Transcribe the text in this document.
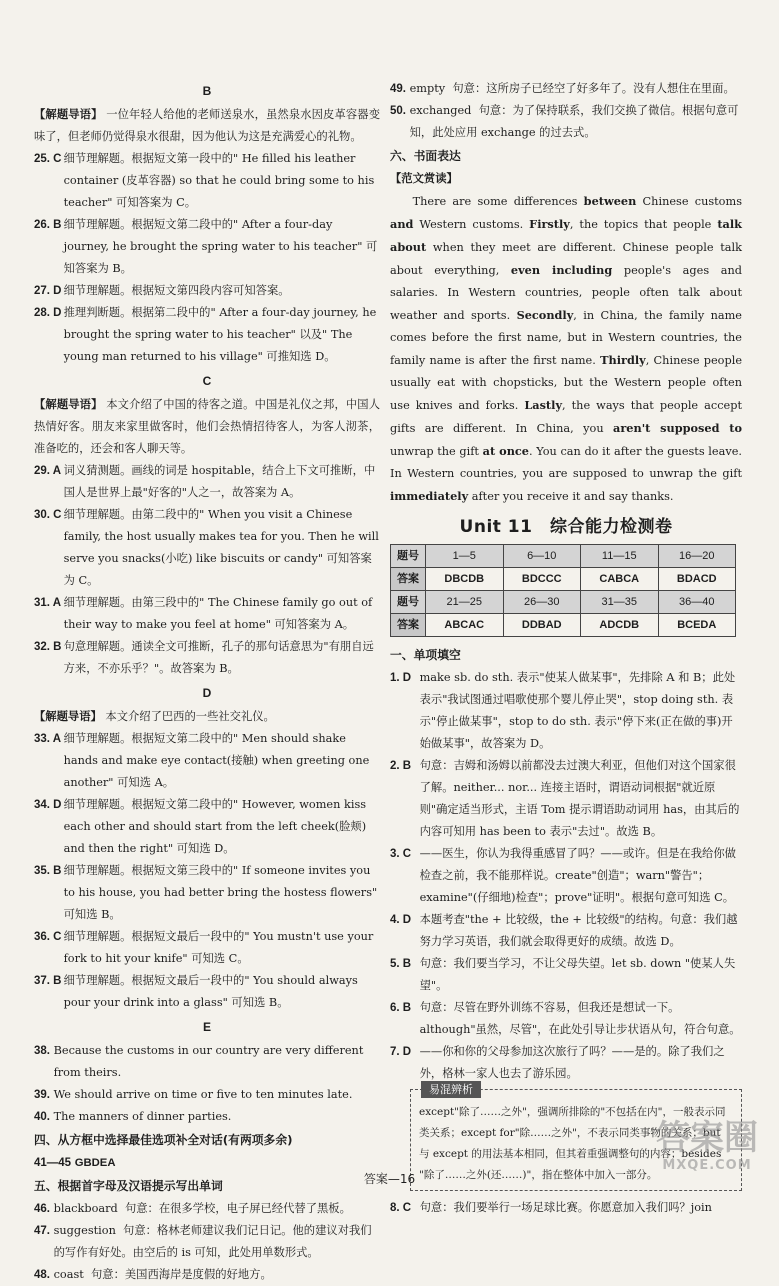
B

【解题导语】 一位年轻人给他的老师送泉水，虽然泉水因皮革容器变味了，但老师仍觉得泉水很甜，因为他认为这是充满爱心的礼物。

25. C
细节理解题。根据短文第一段中的" He filled his leather container (皮革容器) so that he could bring some to his teacher" 可知答案为 C。
26. B
细节理解题。根据短文第二段中的" After a four-day journey, he brought the spring water to his teacher" 可知答案为 B。
27. D
细节理解题。根据短文第四段内容可知答案。
28. D
推理判断题。根据第二段中的" After a four-day journey, he brought the spring water to his teacher" 以及" The young man returned to his village" 可推知选 D。
C

【解题导语】 本文介绍了中国的待客之道。中国是礼仪之邦，中国人热情好客。朋友来家里做客时，他们会热情招待客人，为客人沏茶，准备吃的，还会和客人聊天等。

29. A
词义猜测题。画线的词是 hospitable，结合上下文可推断，中国人是世界上最"好客的"人之一，故答案为 A。
30. C
细节理解题。由第二段中的" When you visit a Chinese family, the host usually makes tea for you. Then he will serve you snacks(小吃) like biscuits or candy" 可知答案为 C。
31. A
细节理解题。由第三段中的" The Chinese family go out of their way to make you feel at home" 可知答案为 A。
32. B
句意理解题。通读全文可推断，孔子的那句话意思为"有朋自远方来，不亦乐乎？"。故答案为 B。
D

【解题导语】 本文介绍了巴西的一些社交礼仪。

33. A
细节理解题。根据短文第二段中的" Men should shake hands and make eye contact(接触) when greeting one another" 可知选 A。
34. D
细节理解题。根据短文第二段中的" However, women kiss each other and should start from the left cheek(脸颊) and then the right" 可知选 D。
35. B
细节理解题。根据短文第三段中的" If someone invites you to his house, you had better bring the hostess flowers" 可知选 B。
36. C
细节理解题。根据短文最后一段中的" You mustn't use your fork to hit your knife" 可知选 C。
37. B
细节理解题。根据短文最后一段中的" You should always pour your drink into a glass" 可知选 B。
E
38.
Because the customs in our country are very different from theirs.
39.
We should arrive on time or five to ten minutes late.
40.
The manners of dinner parties.
四、从方框中选择最佳选项补全对话(有两项多余)
41—45
GBDEA
五、根据首字母及汉语提示写出单词
46.
blackboard 句意：在很多学校，电子屏已经代替了黑板。
47.
suggestion 句意：格林老师建议我们记日记。他的建议对我们的写作有好处。由空后的 is 可知，此处用单数形式。
48.
coast 句意：美国西海岸是度假的好地方。
49.
empty 句意：这所房子已经空了好多年了。没有人想住在里面。
50.
exchanged 句意：为了保持联系，我们交换了微信。根据句意可知，此处应用 exchange 的过去式。
六、书面表达
【范文赏读】

There are some differences between Chinese customs and Western customs. Firstly, the topics that people talk about when they meet are different. Chinese people talk about everything, even including people's ages and salaries. In Western countries, people often talk about weather and sports. Secondly, in China, the family name comes before the first name, but in Western countries, the family name is after the first name. Thirdly, Chinese people usually eat with chopsticks, but the Western people often use knives and forks. Lastly, the ways that people accept gifts are different. In China, you aren't supposed to unwrap the gift at once. You can do it after the guests leave. In Western countries, you are supposed to unwrap the gift immediately after you receive it and say thanks.

Unit 11　综合能力检测卷
题号	1—5	6—10	11—15	16—20
答案	DBCDB	BDCCC	CABCA	BDACD
题号	21—25	26—30	31—35	36—40
答案	ABCAC	DDBAD	ADCDB	BCEDA
一、单项填空
1. D
make sb. do sth. 表示"使某人做某事"，先排除 A 和 B；此处表示"我试图通过唱歌使那个婴儿停止哭"，stop doing sth. 表示"停止做某事"，stop to do sth. 表示"停下来(正在做的事)开始做某事"，故答案为 D。
2. B
句意：吉姆和汤姆以前都没去过澳大利亚，但他们对这个国家很了解。neither... nor... 连接主语时，谓语动词根据"就近原则"确定适当形式，主语 Tom 提示谓语助动词用 has，由其后的内容可知用 has been to 表示"去过"。故选 B。
3. C
——医生，你认为我得重感冒了吗？——或许。但是在我给你做检查之前，我不能那样说。create"创造"；warn"警告"；examine"(仔细地)检查"；prove"证明"。根据句意可知选 C。
4. D
本题考查"the + 比较级，the + 比较级"的结构。句意：我们越努力学习英语，我们就会取得更好的成绩。故选 D。
5. B
句意：我们要当学习，不让父母失望。let sb. down "使某人失望"。
6. B
句意：尽管在野外训练不容易，但我还是想试一下。although"虽然，尽管"，在此处引导让步状语从句，符合句意。
7. D
——你和你的父母参加这次旅行了吗？——是的。除了我们之外，格林一家人也去了游乐园。
易混辨析
except"除了……之外"，强调所排除的"不包括在内"，一般表示同类关系；except for"除……之外"，不表示同类事物的关系；but 与 except 的用法基本相同，但其着重强调整句的内容；besides "除了……之外(还……)"，指在整体中加入一部分。
8. C
句意：我们要举行一场足球比赛。你愿意加入我们吗？join
答案—16
答案圈
MXQE.COM
